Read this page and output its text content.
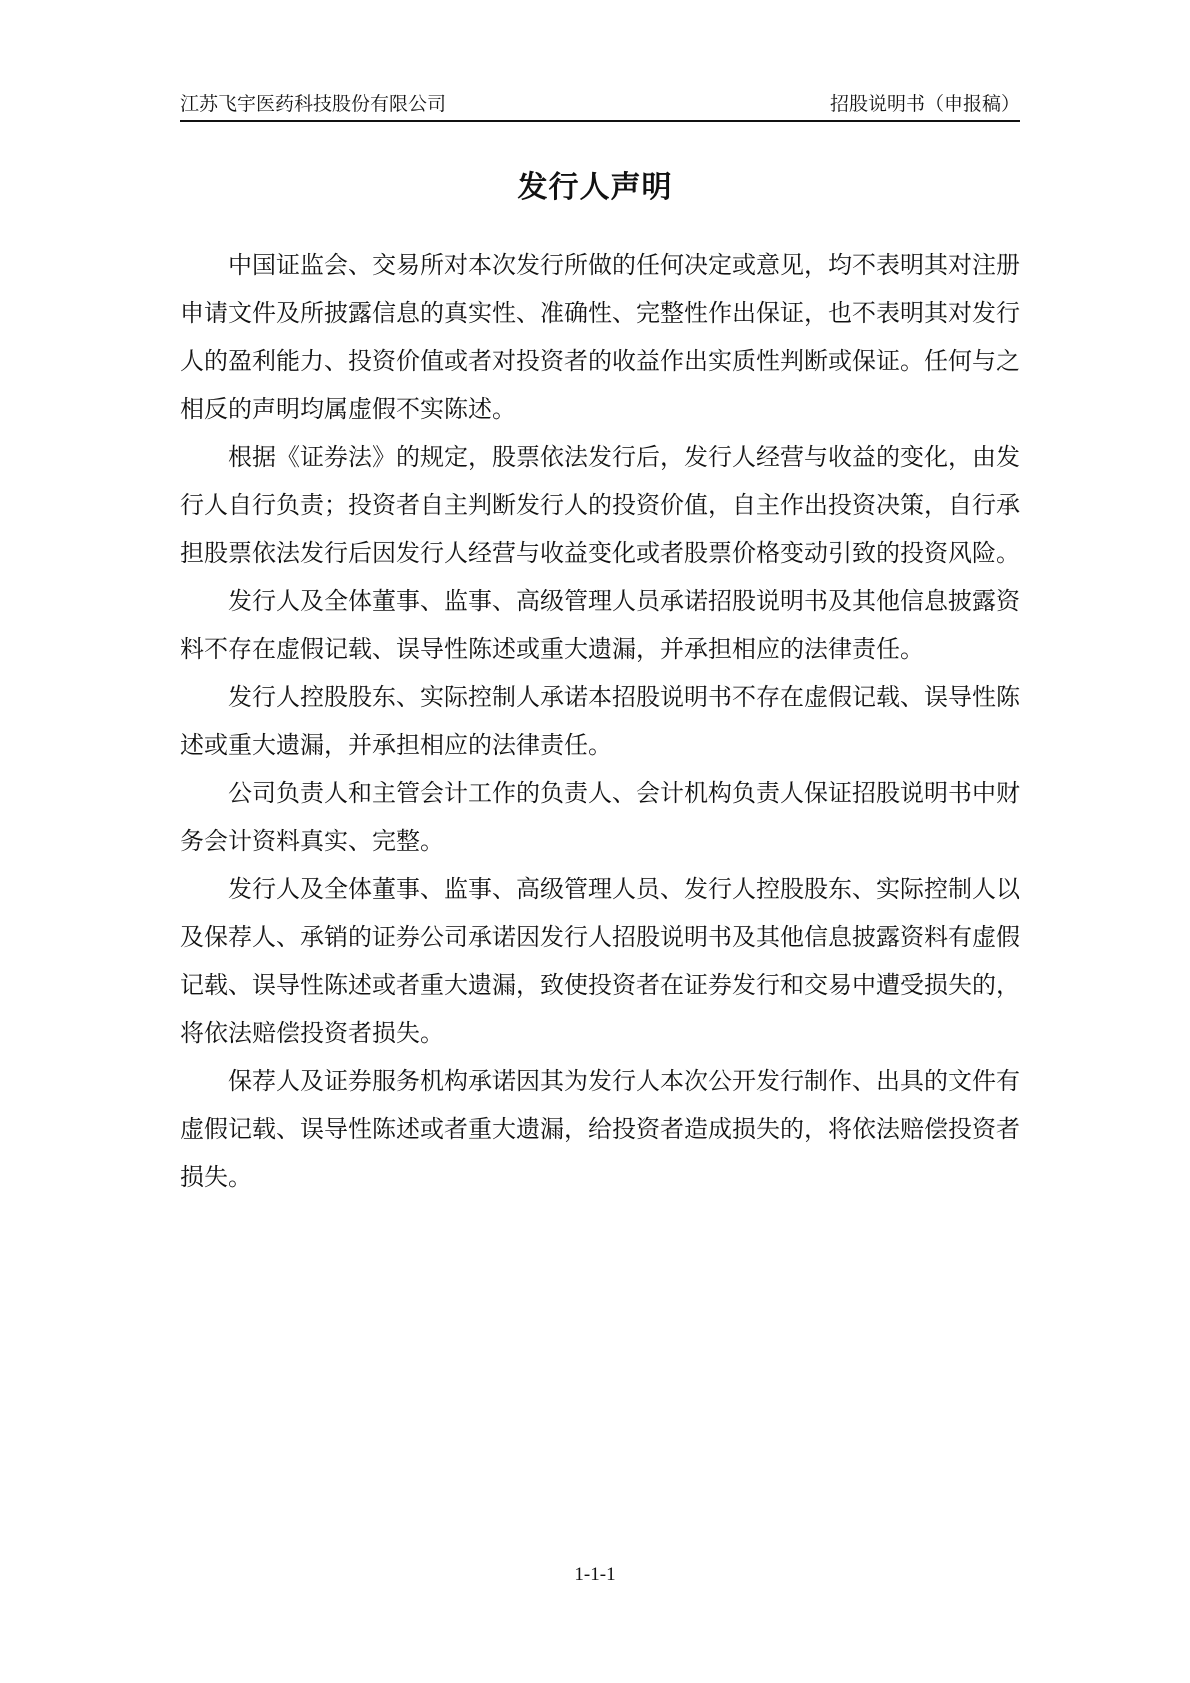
江苏飞宇医药科技股份有限公司	招股说明书（申报稿）
发行人声明

中国证监会、交易所对本次发行所做的任何决定或意见，均不表明其对注册申请文件及所披露信息的真实性、准确性、完整性作出保证，也不表明其对发行人的盈利能力、投资价值或者对投资者的收益作出实质性判断或保证。任何与之相反的声明均属虚假不实陈述。

根据《证券法》的规定，股票依法发行后，发行人经营与收益的变化，由发行人自行负责；投资者自主判断发行人的投资价值，自主作出投资决策，自行承担股票依法发行后因发行人经营与收益变化或者股票价格变动引致的投资风险。

发行人及全体董事、监事、高级管理人员承诺招股说明书及其他信息披露资料不存在虚假记载、误导性陈述或重大遗漏，并承担相应的法律责任。

发行人控股股东、实际控制人承诺本招股说明书不存在虚假记载、误导性陈述或重大遗漏，并承担相应的法律责任。

公司负责人和主管会计工作的负责人、会计机构负责人保证招股说明书中财务会计资料真实、完整。

发行人及全体董事、监事、高级管理人员、发行人控股股东、实际控制人以及保荐人、承销的证券公司承诺因发行人招股说明书及其他信息披露资料有虚假记载、误导性陈述或者重大遗漏，致使投资者在证券发行和交易中遭受损失的，将依法赔偿投资者损失。

保荐人及证券服务机构承诺因其为发行人本次公开发行制作、出具的文件有虚假记载、误导性陈述或者重大遗漏，给投资者造成损失的，将依法赔偿投资者损失。

1-1-1
